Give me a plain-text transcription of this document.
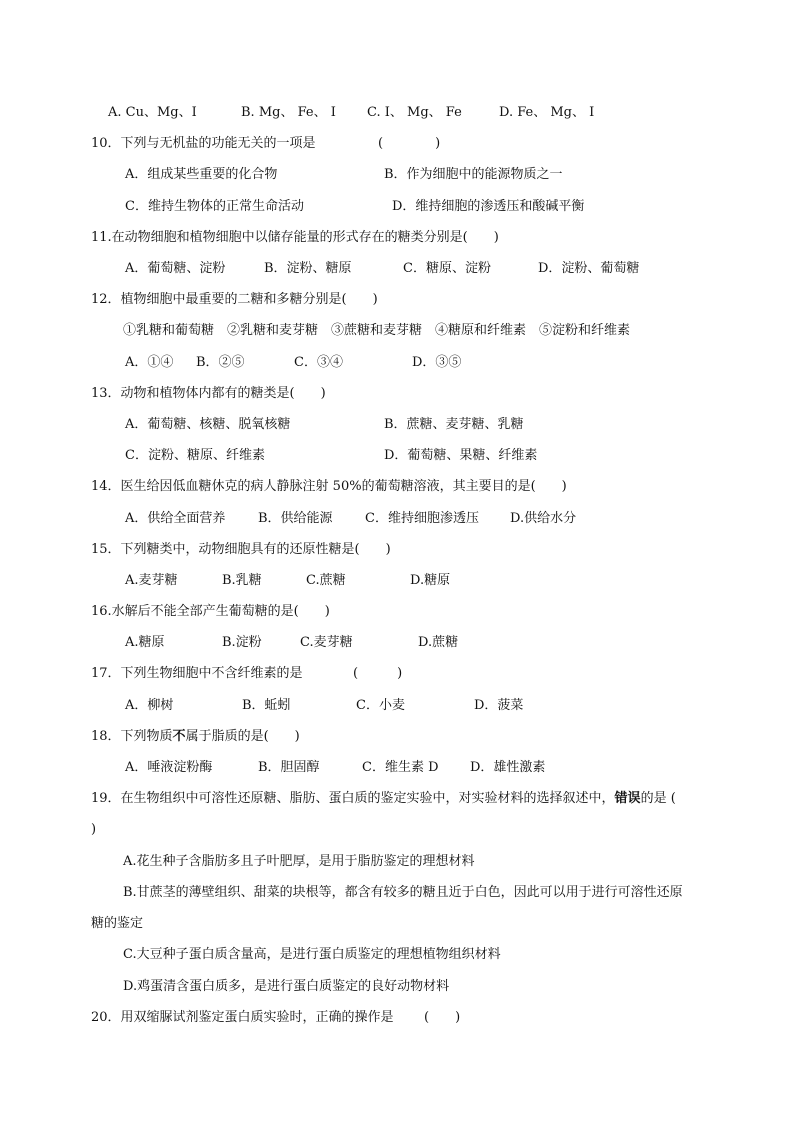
A. Cu、Mg、I	B. Mg、 Fe、 I C. I、 Mg、 Fe	D. Fe、 Mg、 I
10．下列与无机盐的功能无关的一项是	(　　　　)
A．组成某些重要的化合物	B．作为细胞中的能源物质之一
C．维持生物体的正常生命活动	D．维持细胞的渗透压和酸碱平衡
11.在动物细胞和植物细胞中以储存能量的形式存在的糖类分别是(　　)
A．葡萄糖、淀粉	B．淀粉、糖原	C．糖原、淀粉	D．淀粉、葡萄糖
12．植物细胞中最重要的二糖和多糖分别是(　　)
①乳糖和葡萄糖　②乳糖和麦芽糖　③蔗糖和麦芽糖　④糖原和纤维素　⑤淀粉和纤维素
A．①④ B．②⑤	C．③④	D．③⑤
13．动物和植物体内都有的糖类是(　　)
A．葡萄糖、核糖、脱氧核糖	B．蔗糖、麦芽糖、乳糖
C．淀粉、糖原、纤维素	D．葡萄糖、果糖、纤维素
14．医生给因低血糖休克的病人静脉注射 50%的葡萄糖溶液，其主要目的是(　　)
A．供给全面营养	B．供给能源 C．维持细胞渗透压 D.供给水分
15．下列糖类中，动物细胞具有的还原性糖是(　　)
A.麦芽糖	B.乳糖	C.蔗糖	D.糖原
16.水解后不能全部产生葡萄糖的是(　　)
A.糖原	B.淀粉	C.麦芽糖	D.蔗糖
17．下列生物细胞中不含纤维素的是	(　　　)
A．柳树	B．蚯蚓	C．小麦	D．菠菜
18．下列物质不属于脂质的是(　　)
A．唾液淀粉酶	B．胆固醇	C．维生素 D D．雄性激素
19．在生物组织中可溶性还原糖、脂肪、蛋白质的鉴定实验中，对实验材料的选择叙述中，错误的是 (
)
A.花生种子含脂肪多且子叶肥厚，是用于脂肪鉴定的理想材料
B.甘蔗茎的薄壁组织、甜菜的块根等，都含有较多的糖且近于白色，因此可以用于进行可溶性还原
糖的鉴定
C.大豆种子蛋白质含量高，是进行蛋白质鉴定的理想植物组织材料
D.鸡蛋清含蛋白质多，是进行蛋白质鉴定的良好动物材料
20．用双缩脲试剂鉴定蛋白质实验时，正确的操作是 (　　)
